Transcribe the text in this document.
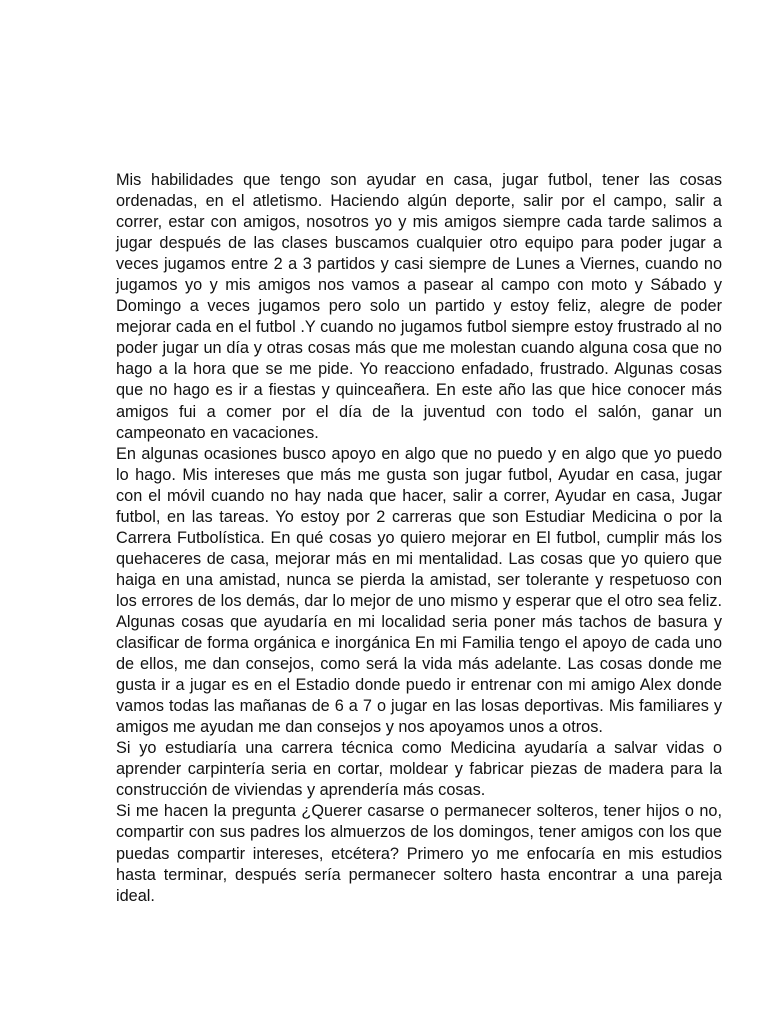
Mis habilidades que tengo son ayudar en casa, jugar futbol, tener las cosas ordenadas, en el atletismo. Haciendo algún deporte, salir por el campo, salir a correr, estar con amigos, nosotros yo y mis amigos siempre cada tarde salimos a jugar después de las clases buscamos cualquier otro equipo para poder jugar a veces jugamos entre 2 a 3 partidos y casi siempre de Lunes a Viernes, cuando no jugamos yo y mis amigos nos vamos a pasear al campo con moto y Sábado y Domingo a veces jugamos pero solo un partido y estoy feliz, alegre de poder mejorar cada en el futbol .Y cuando no jugamos futbol siempre estoy frustrado al no poder jugar un día y otras cosas más que me molestan cuando alguna cosa que no hago a la hora que se me pide. Yo reacciono enfadado, frustrado. Algunas cosas que no hago es ir a fiestas y quinceañera. En este año las que hice conocer más amigos fui a comer por el día de la juventud con todo el salón, ganar un campeonato en vacaciones.

En algunas ocasiones busco apoyo en algo que no puedo y en algo que yo puedo lo hago. Mis intereses que más me gusta son jugar futbol, Ayudar en casa, jugar con el móvil cuando no hay nada que hacer, salir a correr, Ayudar en casa, Jugar futbol, en las tareas. Yo estoy por 2 carreras que son Estudiar Medicina o por la Carrera Futbolística. En qué cosas yo quiero mejorar en El futbol, cumplir más los quehaceres de casa, mejorar más en mi mentalidad. Las cosas que yo quiero que haiga en una amistad, nunca se pierda la amistad, ser tolerante y respetuoso con los errores de los demás, dar lo mejor de uno mismo y esperar que el otro sea feliz. Algunas cosas que ayudaría en mi localidad seria poner más tachos de basura y clasificar de forma orgánica e inorgánica En mi Familia tengo el apoyo de cada uno de ellos, me dan consejos, como será la vida más adelante. Las cosas donde me gusta ir a jugar es en el Estadio donde puedo ir entrenar con mi amigo Alex donde vamos todas las mañanas de 6 a 7 o jugar en las losas deportivas. Mis familiares y amigos me ayudan me dan consejos y nos apoyamos unos a otros.

Si yo estudiaría una carrera técnica como Medicina ayudaría a salvar vidas o aprender carpintería seria en cortar, moldear y fabricar piezas de madera para la construcción de viviendas y aprendería más cosas.

Si me hacen la pregunta ¿Querer casarse o permanecer solteros, tener hijos o no, compartir con sus padres los almuerzos de los domingos, tener amigos con los que puedas compartir intereses, etcétera? Primero yo me enfocaría en mis estudios hasta terminar, después sería permanecer soltero hasta encontrar a una pareja ideal.
